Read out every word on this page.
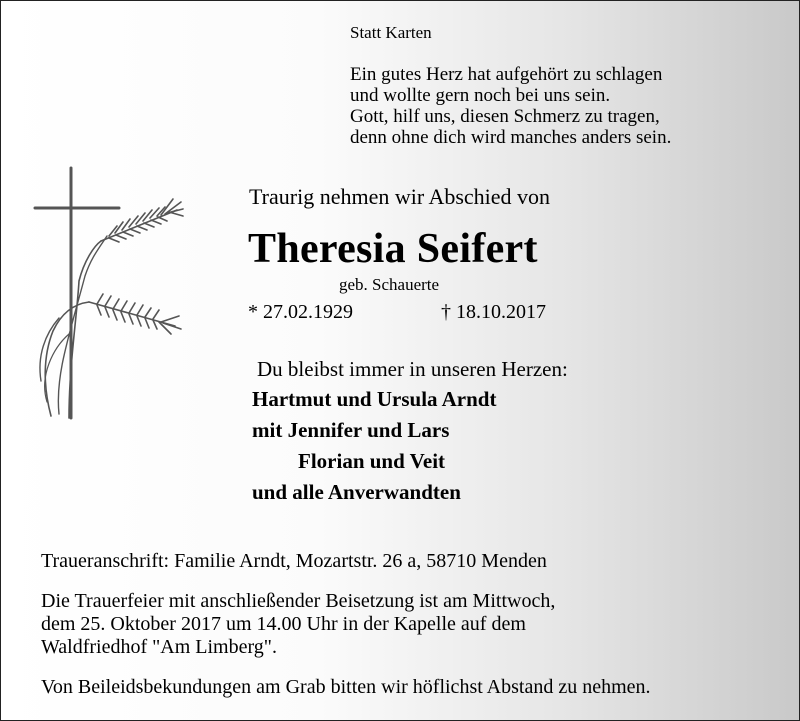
Statt Karten
Ein gutes Herz hat aufgehört zu schlagen
und wollte gern noch bei uns sein.
Gott, hilf uns, diesen Schmerz zu tragen,
denn ohne dich wird manches anders sein.
Traurig nehmen wir Abschied von
Theresia Seifert
geb. Schauerte
* 27.02.1929	† 18.10.2017
Du bleibst immer in unseren Herzen:
Hartmut und Ursula Arndt
mit Jennifer und Lars
Florian und Veit
und alle Anverwandten
Traueranschrift: Familie Arndt, Mozartstr. 26 a, 58710 Menden
Die Trauerfeier mit anschließender Beisetzung ist am Mittwoch,
dem 25. Oktober 2017 um 14.00 Uhr in der Kapelle auf dem
Waldfriedhof "Am Limberg".
Von Beileidsbekundungen am Grab bitten wir höflichst Abstand zu nehmen.
